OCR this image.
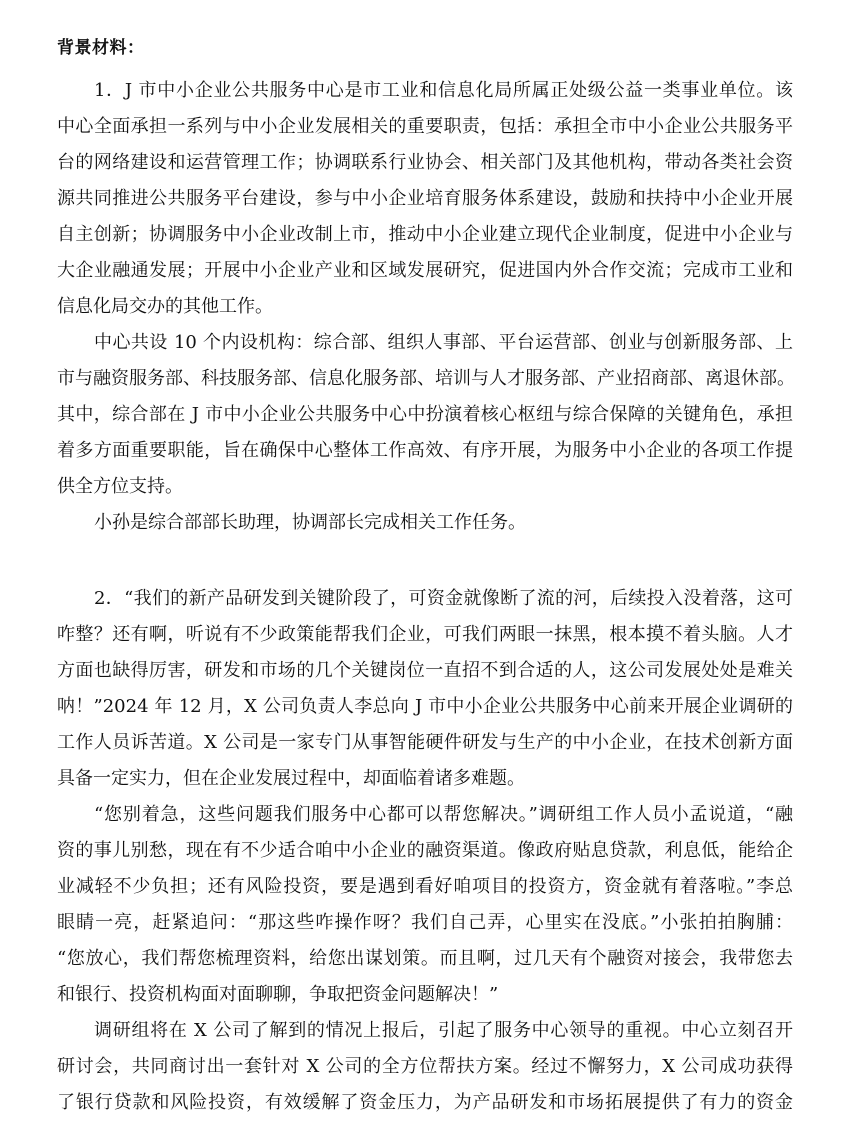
背景材料：
1．J 市中小企业公共服务中心是市工业和信息化局所属正处级公益一类事业单位。该
中心全面承担一系列与中小企业发展相关的重要职责，包括：承担全市中小企业公共服务平
台的网络建设和运营管理工作；协调联系行业协会、相关部门及其他机构，带动各类社会资
源共同推进公共服务平台建设，参与中小企业培育服务体系建设，鼓励和扶持中小企业开展
自主创新；协调服务中小企业改制上市，推动中小企业建立现代企业制度，促进中小企业与
大企业融通发展；开展中小企业产业和区域发展研究，促进国内外合作交流；完成市工业和
信息化局交办的其他工作。
中心共设 10 个内设机构：综合部、组织人事部、平台运营部、创业与创新服务部、上
市与融资服务部、科技服务部、信息化服务部、培训与人才服务部、产业招商部、离退休部。
其中，综合部在 J 市中小企业公共服务中心中扮演着核心枢纽与综合保障的关键角色，承担
着多方面重要职能，旨在确保中心整体工作高效、有序开展，为服务中小企业的各项工作提
供全方位支持。
小孙是综合部部长助理，协调部长完成相关工作任务。
2．“我们的新产品研发到关键阶段了，可资金就像断了流的河，后续投入没着落，这可
咋整？还有啊，听说有不少政策能帮我们企业，可我们两眼一抹黑，根本摸不着头脑。人才
方面也缺得厉害，研发和市场的几个关键岗位一直招不到合适的人，这公司发展处处是难关
呐！”2024 年 12 月，X 公司负责人李总向 J 市中小企业公共服务中心前来开展企业调研的
工作人员诉苦道。X 公司是一家专门从事智能硬件研发与生产的中小企业，在技术创新方面
具备一定实力，但在企业发展过程中，却面临着诸多难题。
“您别着急，这些问题我们服务中心都可以帮您解决。”调研组工作人员小孟说道，“融
资的事儿别愁，现在有不少适合咱中小企业的融资渠道。像政府贴息贷款，利息低，能给企
业减轻不少负担；还有风险投资，要是遇到看好咱项目的投资方，资金就有着落啦。”李总
眼睛一亮，赶紧追问：“那这些咋操作呀？我们自己弄，心里实在没底。”小张拍拍胸脯：
“您放心，我们帮您梳理资料，给您出谋划策。而且啊，过几天有个融资对接会，我带您去
和银行、投资机构面对面聊聊，争取把资金问题解决！”
调研组将在 X 公司了解到的情况上报后，引起了服务中心领导的重视。中心立刻召开
研讨会，共同商讨出一套针对 X 公司的全方位帮扶方案。经过不懈努力，X 公司成功获得
了银行贷款和风险投资，有效缓解了资金压力，为产品研发和市场拓展提供了有力的资金
